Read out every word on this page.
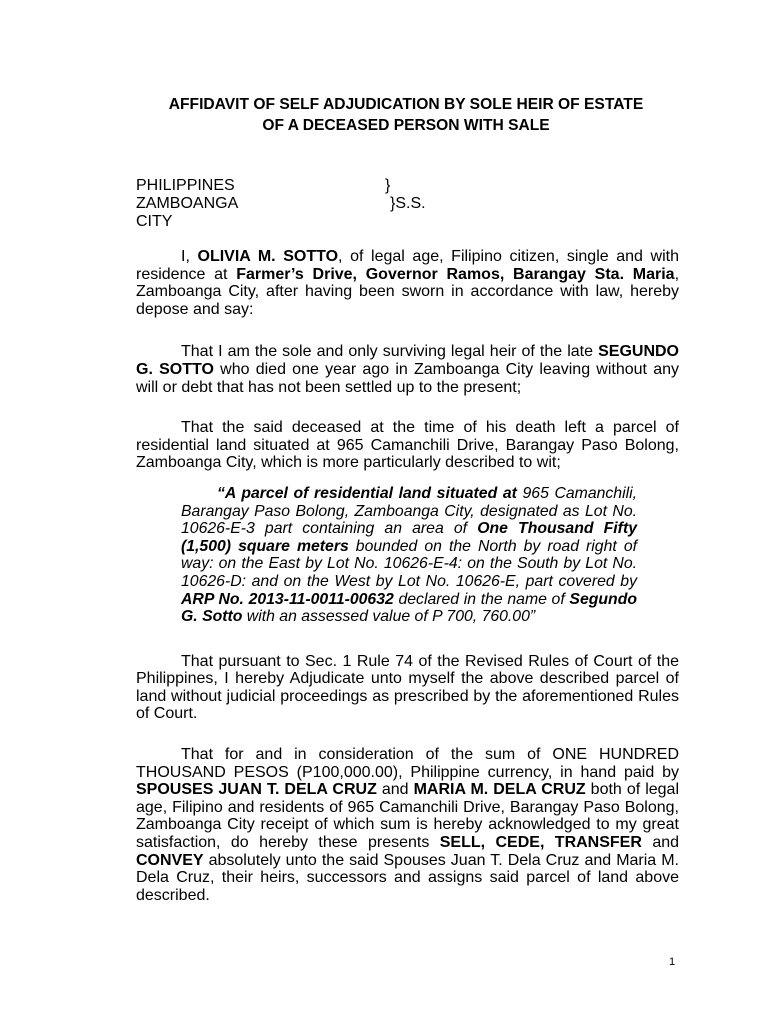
AFFIDAVIT OF SELF ADJUDICATION BY SOLE HEIR OF ESTATE
OF A DECEASED PERSON WITH SALE
PHILIPPINES	}
ZAMBOANGA CITY
}S.S.

I, OLIVIA M. SOTTO, of legal age, Filipino citizen, single and with residence at Farmer’s Drive, Governor Ramos, Barangay Sta. Maria, Zamboanga City, after having been sworn in accordance with law, hereby depose and say:

That I am the sole and only surviving legal heir of the late SEGUNDO G. SOTTO who died one year ago in Zamboanga City leaving without any will or debt that has not been settled up to the present;

That the said deceased at the time of his death left a parcel of residential land situated at 965 Camanchili Drive, Barangay Paso Bolong, Zamboanga City, which is more particularly described to wit;

“A parcel of residential land situated at 965 Camanchili, Barangay Paso Bolong, Zamboanga City, designated as Lot No. 10626-E-3 part containing an area of One Thousand Fifty (1,500) square meters bounded on the North by road right of way: on the East by Lot No. 10626-E-4: on the South by Lot No. 10626-D: and on the West by Lot No. 10626-E, part covered by ARP No. 2013-11-0011-00632 declared in the name of Segundo G. Sotto with an assessed value of P 700, 760.00”

That pursuant to Sec. 1 Rule 74 of the Revised Rules of Court of the Philippines, I hereby Adjudicate unto myself the above described parcel of land without judicial proceedings as prescribed by the aforementioned Rules of Court.

That for and in consideration of the sum of ONE HUNDRED THOUSAND PESOS (P100,000.00), Philippine currency, in hand paid by SPOUSES JUAN T. DELA CRUZ and MARIA M. DELA CRUZ both of legal age, Filipino and residents of 965 Camanchili Drive, Barangay Paso Bolong, Zamboanga City receipt of which sum is hereby acknowledged to my great satisfaction, do hereby these presents SELL, CEDE, TRANSFER and CONVEY absolutely unto the said Spouses Juan T. Dela Cruz and Maria M. Dela Cruz, their heirs, successors and assigns said parcel of land above described.

1
